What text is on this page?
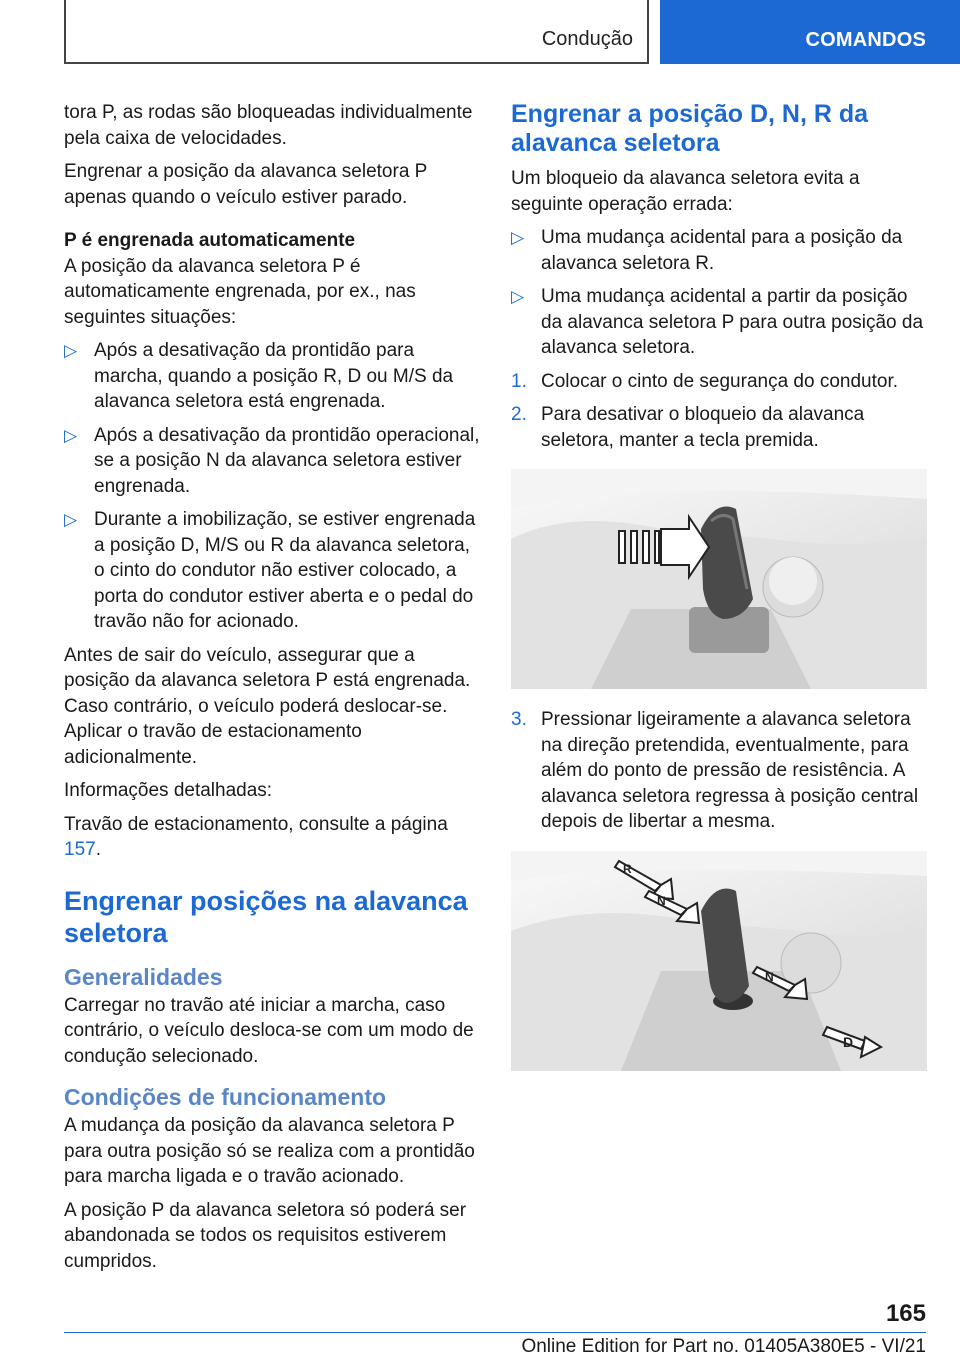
Condução	COMANDOS

tora P, as rodas são bloqueadas individualmente pela caixa de velocidades.

Engrenar a posição da alavanca seletora P apenas quando o veículo estiver parado.

P é engrenada automaticamente

A posição da alavanca seletora P é automaticamente engrenada, por ex., nas seguintes situações:

▷ Após a desativação da prontidão para marcha, quando a posição R, D ou M/S da alavanca seletora está engrenada.
▷ Após a desativação da prontidão operacional, se a posição N da alavanca seletora estiver engrenada.
▷ Durante a imobilização, se estiver engrenada a posição D, M/S ou R da alavanca seletora, o cinto do condutor não estiver colocado, a porta do condutor estiver aberta e o pedal do travão não for acionado.

Antes de sair do veículo, assegurar que a posição da alavanca seletora P está engrenada. Caso contrário, o veículo poderá deslocar-se. Aplicar o travão de estacionamento adicionalmente.

Informações detalhadas:

Travão de estacionamento, consulte a página 157.

Engrenar posições na alavanca seletora
Generalidades

Carregar no travão até iniciar a marcha, caso contrário, o veículo desloca-se com um modo de condução selecionado.

Condições de funcionamento

A mudança da posição da alavanca seletora P para outra posição só se realiza com a prontidão para marcha ligada e o travão acionado.

A posição P da alavanca seletora só poderá ser abandonada se todos os requisitos estiverem cumpridos.

Engrenar a posição D, N, R da alavanca seletora

Um bloqueio da alavanca seletora evita a seguinte operação errada:

▷ Uma mudança acidental para a posição da alavanca seletora R.
▷ Uma mudança acidental a partir da posição da alavanca seletora P para outra posição da alavanca seletora.
1. Colocar o cinto de segurança do condutor.
2. Para desativar o bloqueio da alavanca seletora, manter a tecla premida.
3. Pressionar ligeiramente a alavanca seletora na direção pretendida, eventualmente, para além do ponto de pressão de resistência. A alavanca seletora regressa à posição central depois de libertar a mesma.
R
N
N
D
165
Online Edition for Part no. 01405A380E5 - VI/21
